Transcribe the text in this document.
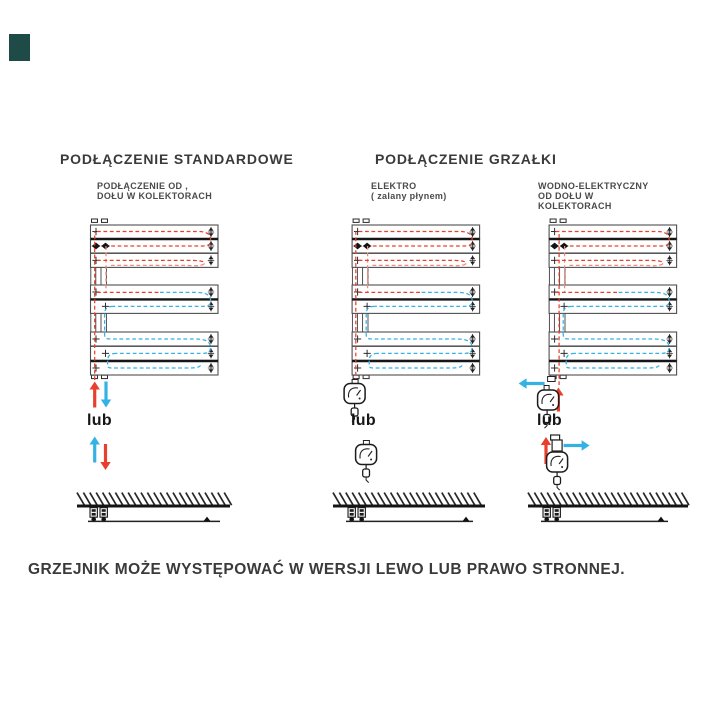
PODŁĄCZENIE STANDARDOWE	PODŁĄCZENIE GRZAŁKI
PODŁĄCZENIE OD ,
DOŁU W KOLEKTORACH
ELEKTRO
( zalany płynem)
WODNO-ELEKTRYCZNY
OD DOŁU W
KOLEKTORACH
lub	lub	lub
GRZEJNIK MOŻE WYSTĘPOWAĆ W WERSJI LEWO LUB PRAWO STRONNEJ.
